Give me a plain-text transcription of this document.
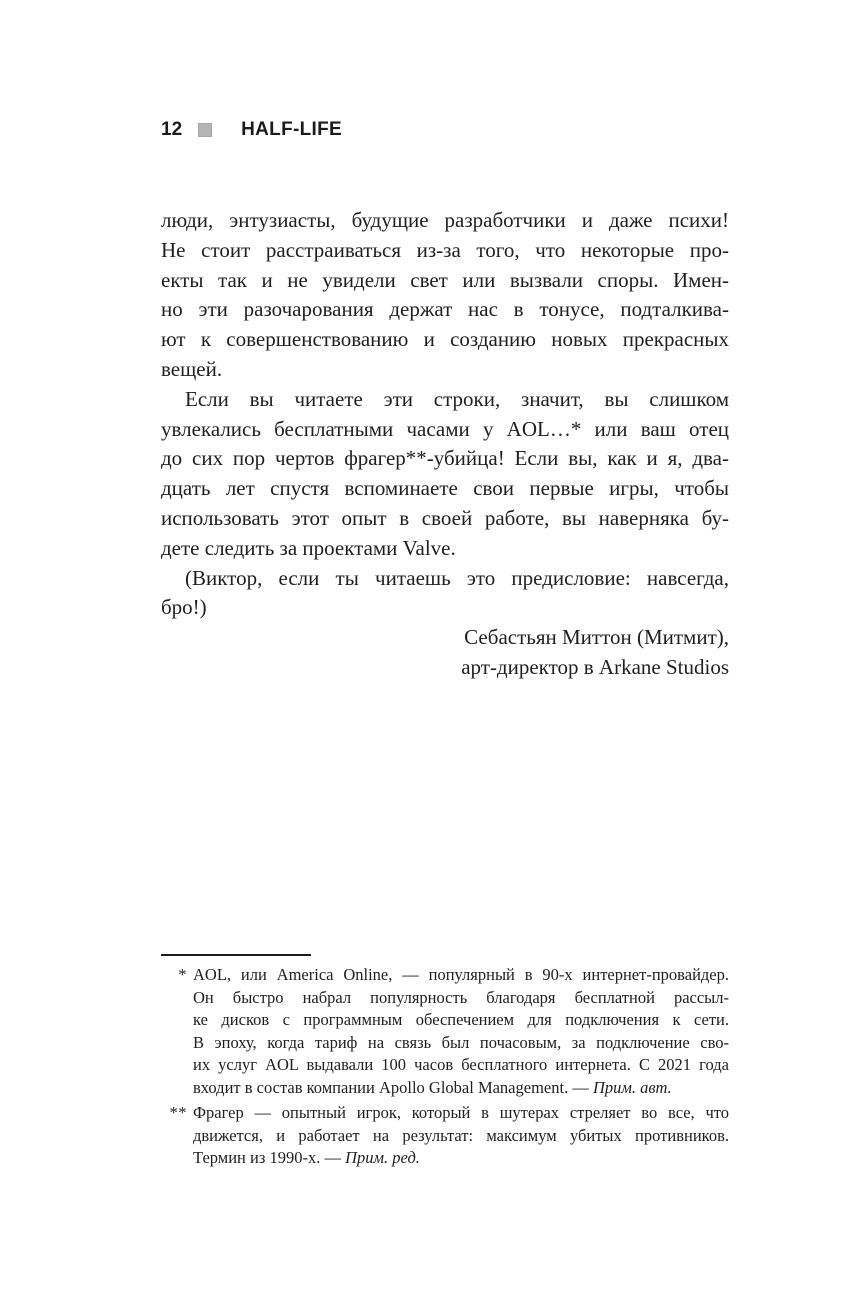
12	HALF-LIFE
люди, энтузиасты, будущие разработчики и даже психи!
Не стоит расстраиваться из-за того, что некоторые про-
екты так и не увидели свет или вызвали споры. Имен-
но эти разочарования держат нас в тонусе, подталкива-
ют к совершенствованию и созданию новых прекрасных
вещей.
Если вы читаете эти строки, значит, вы слишком
увлекались бесплатными часами у AOL…* или ваш отец
до сих пор чертов фрагер**-убийца! Если вы, как и я, два-
дцать лет спустя вспоминаете свои первые игры, чтобы
использовать этот опыт в своей работе, вы наверняка бу-
дете следить за проектами Valve.
(Виктор, если ты читаешь это предисловие: навсегда,
бро!)
Себастьян Миттон (Митмит),
арт-директор в Arkane Studios
* AOL, или America Online, — популярный в 90-х интернет-провайдер.
Он быстро набрал популярность благодаря бесплатной рассыл-
ке дисков с программным обеспечением для подключения к сети.
В эпоху, когда тариф на связь был почасовым, за подключение сво-
их услуг AOL выдавали 100 часов бесплатного интернета. С 2021 года
входит в состав компании Apollo Global Management. — Прим. авт.
** Фрагер — опытный игрок, который в шутерах стреляет во все, что
движется, и работает на результат: максимум убитых противников.
Термин из 1990-х. — Прим. ред.
